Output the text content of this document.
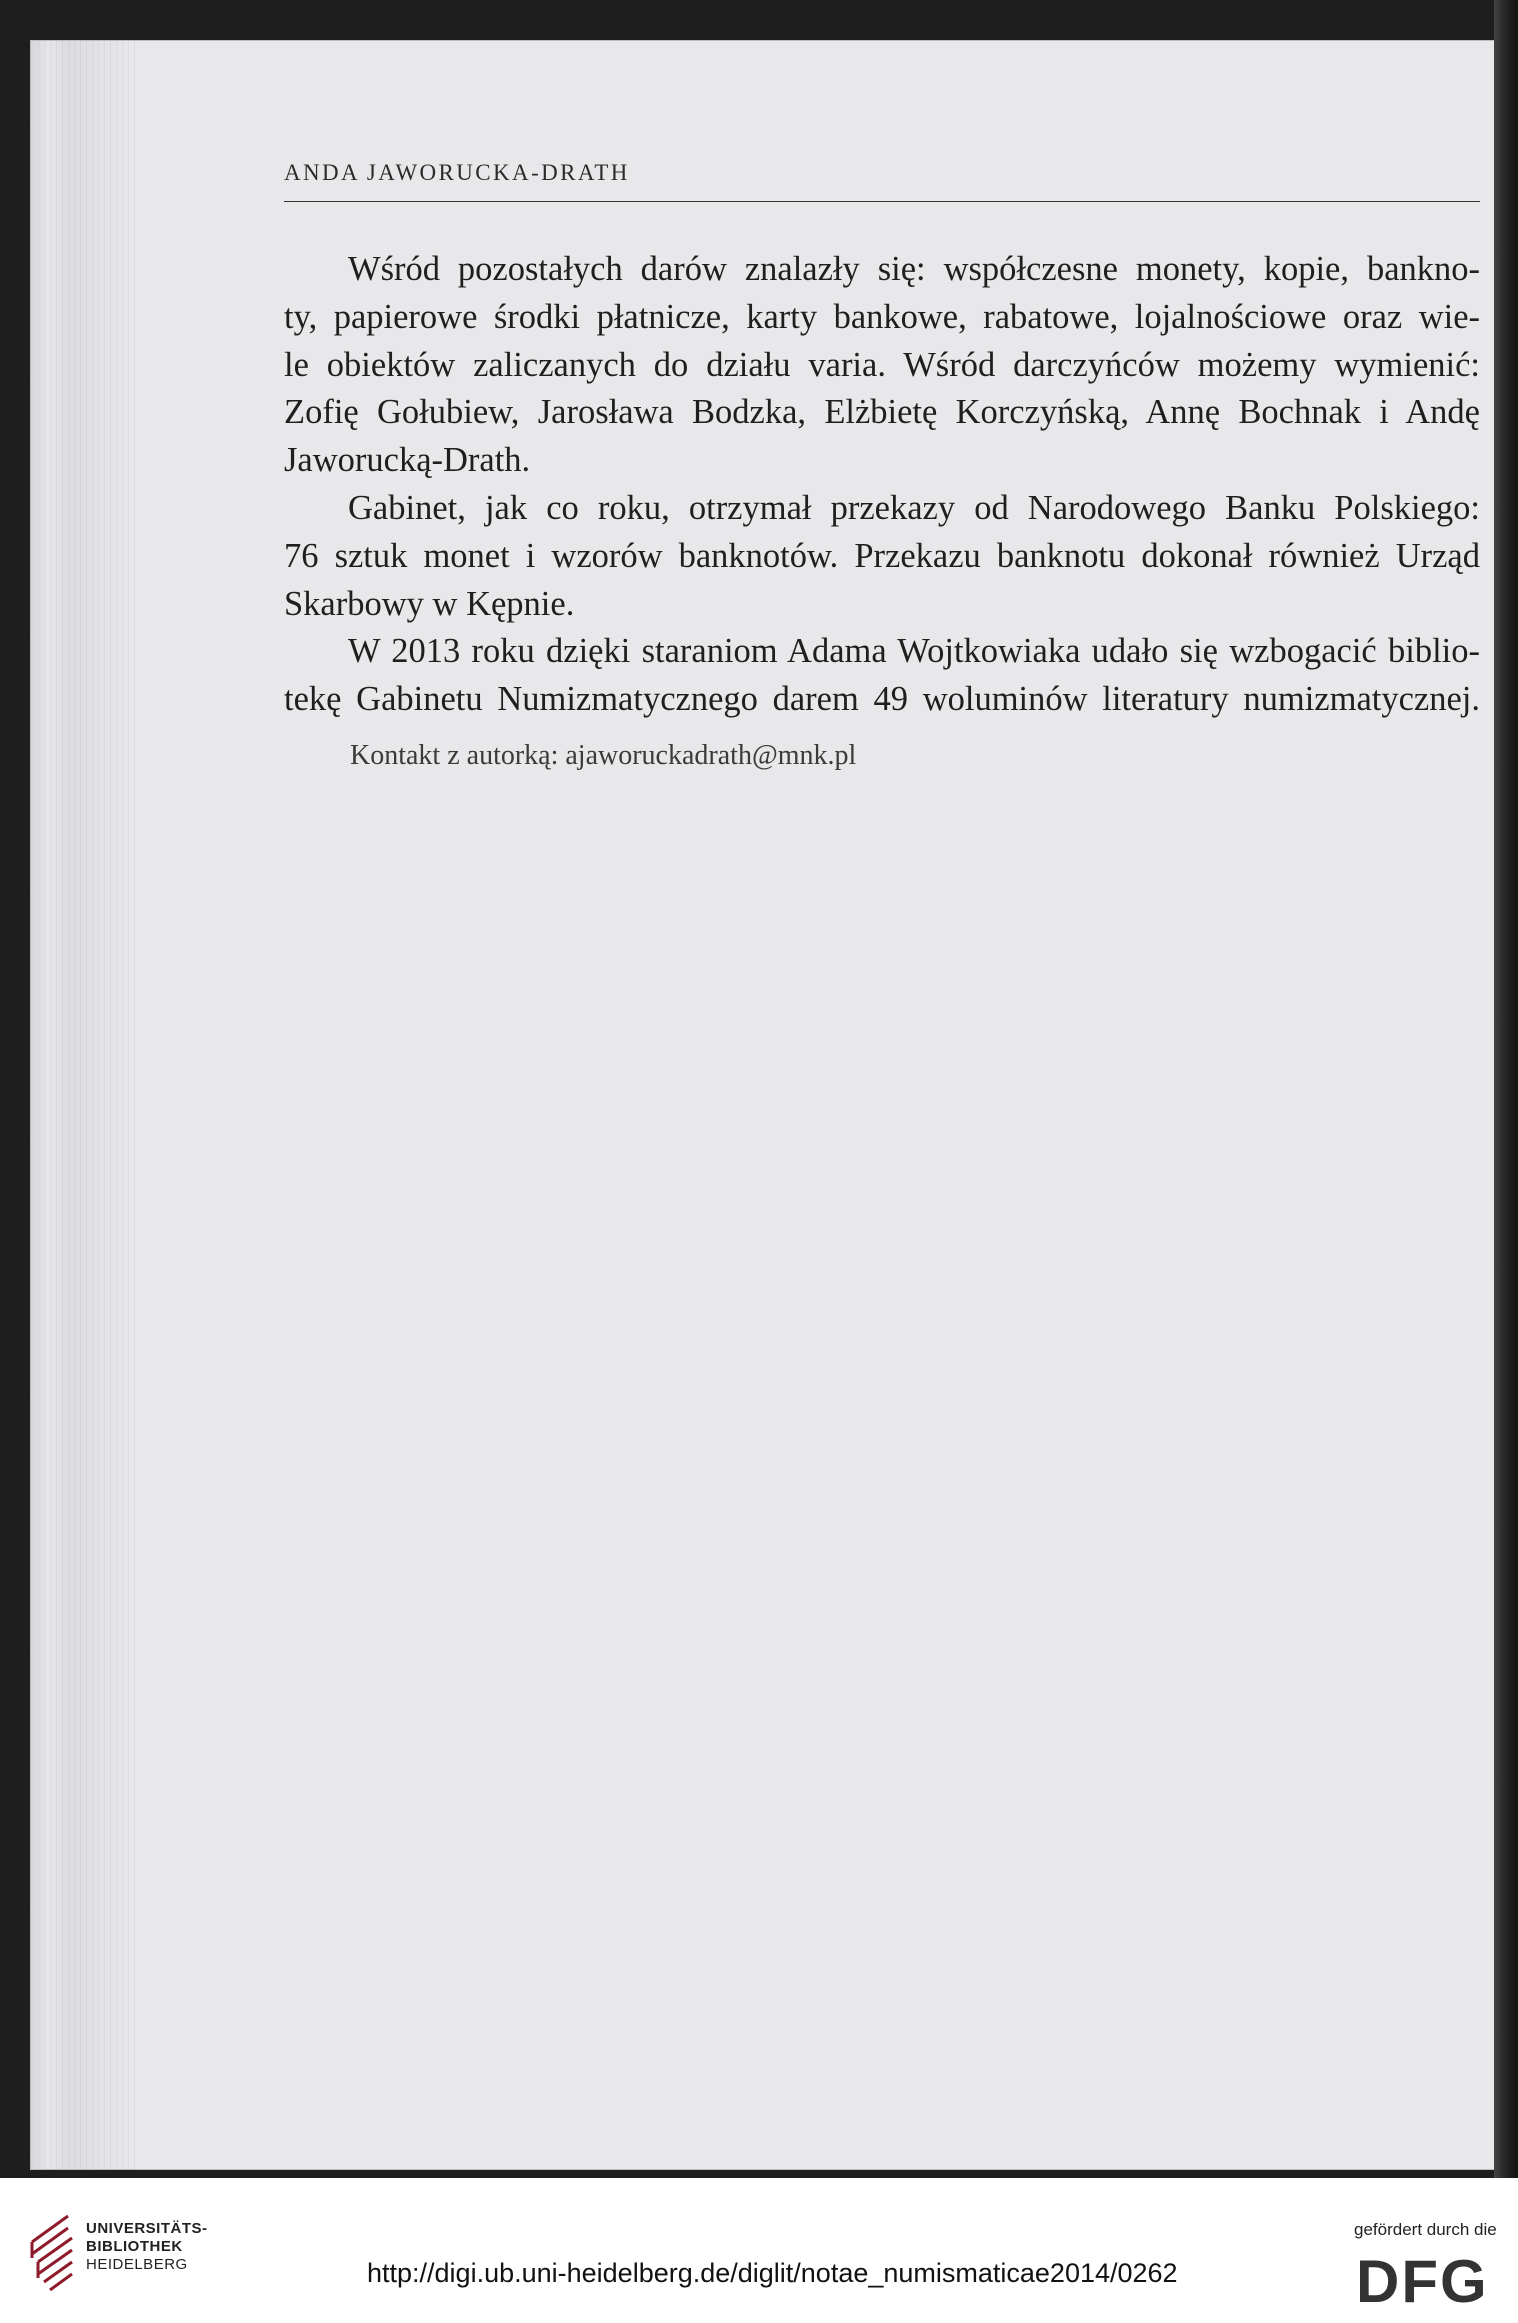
ANDA JAWORUCKA-DRATH

Wśród pozostałych darów znalazły się: współczesne monety, kopie, bankno-
ty, papierowe środki płatnicze, karty bankowe, rabatowe, lojalnościowe oraz wie-
le obiektów zaliczanych do działu varia. Wśród darczyńców możemy wymienić:
Zofię Gołubiew, Jarosława Bodzka, Elżbietę Korczyńską, Annę Bochnak i Andę
Jaworucką-Drath.

Gabinet, jak co roku, otrzymał przekazy od Narodowego Banku Polskiego:
76 sztuk monet i wzorów banknotów. Przekazu banknotu dokonał również Urząd
Skarbowy w Kępnie.

W 2013 roku dzięki staraniom Adama Wojtkowiaka udało się wzbogacić biblio-
tekę Gabinetu Numizmatycznego darem 49 woluminów literatury numizmatycznej.

Kontakt z autorką: ajaworuckadrath@mnk.pl
UNIVERSITÄTS-
BIBLIOTHEK
HEIDELBERG	http://digi.ub.uni-heidelberg.de/diglit/notae_numismaticae2014/0262
gefördert durch die
DFG
